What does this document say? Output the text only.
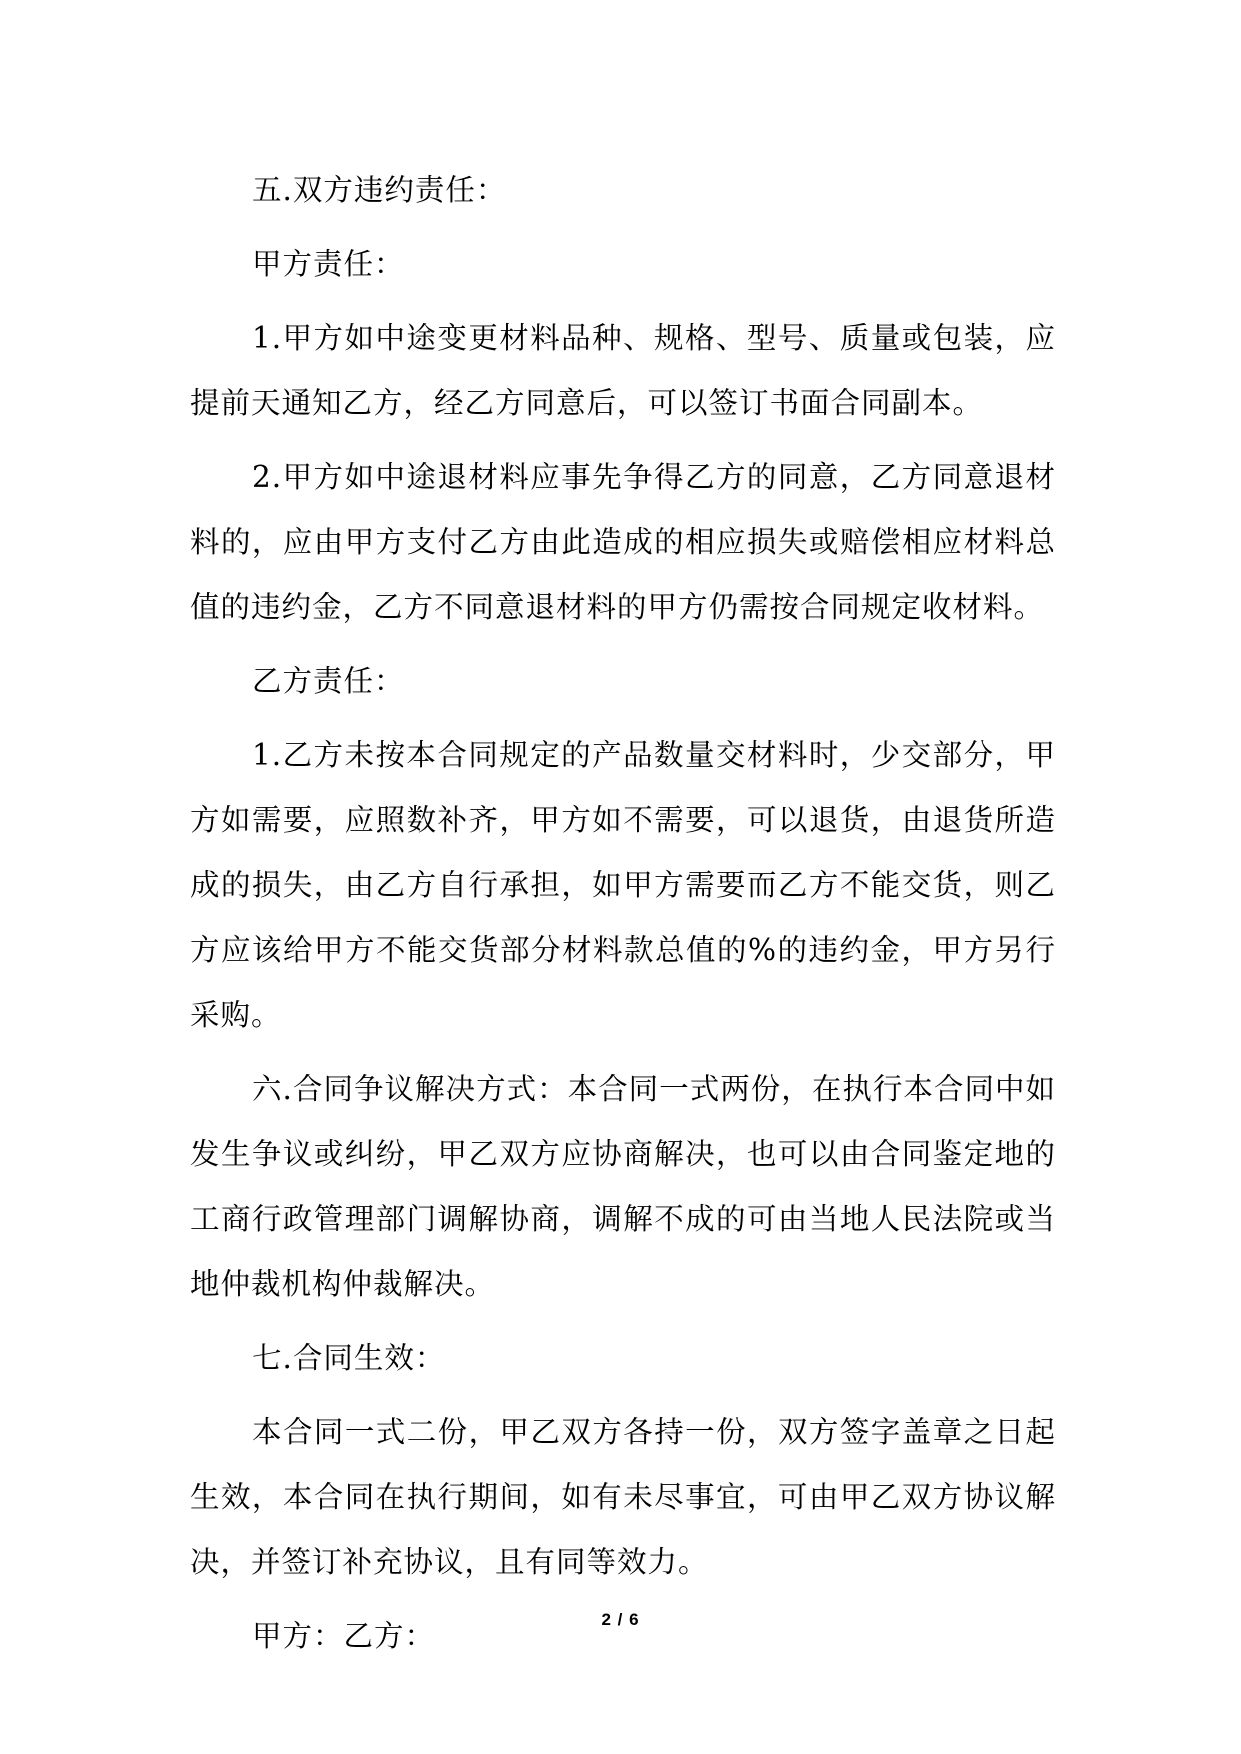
五.双方违约责任：

甲方责任：

1.甲方如中途变更材料品种、规格、型号、质量或包装，应提前天通知乙方，经乙方同意后，可以签订书面合同副本。

2.甲方如中途退材料应事先争得乙方的同意，乙方同意退材料的，应由甲方支付乙方由此造成的相应损失或赔偿相应材料总值的违约金，乙方不同意退材料的甲方仍需按合同规定收材料。

乙方责任：

1.乙方未按本合同规定的产品数量交材料时，少交部分，甲方如需要，应照数补齐，甲方如不需要，可以退货，由退货所造成的损失，由乙方自行承担，如甲方需要而乙方不能交货，则乙方应该给甲方不能交货部分材料款总值的%的违约金，甲方另行采购。

六.合同争议解决方式：本合同一式两份，在执行本合同中如发生争议或纠纷，甲乙双方应协商解决，也可以由合同鉴定地的工商行政管理部门调解协商，调解不成的可由当地人民法院或当地仲裁机构仲裁解决。

七.合同生效：

本合同一式二份，甲乙双方各持一份，双方签字盖章之日起生效，本合同在执行期间，如有未尽事宜，可由甲乙双方协议解决，并签订补充协议，且有同等效力。

甲方：乙方：	2 / 6
